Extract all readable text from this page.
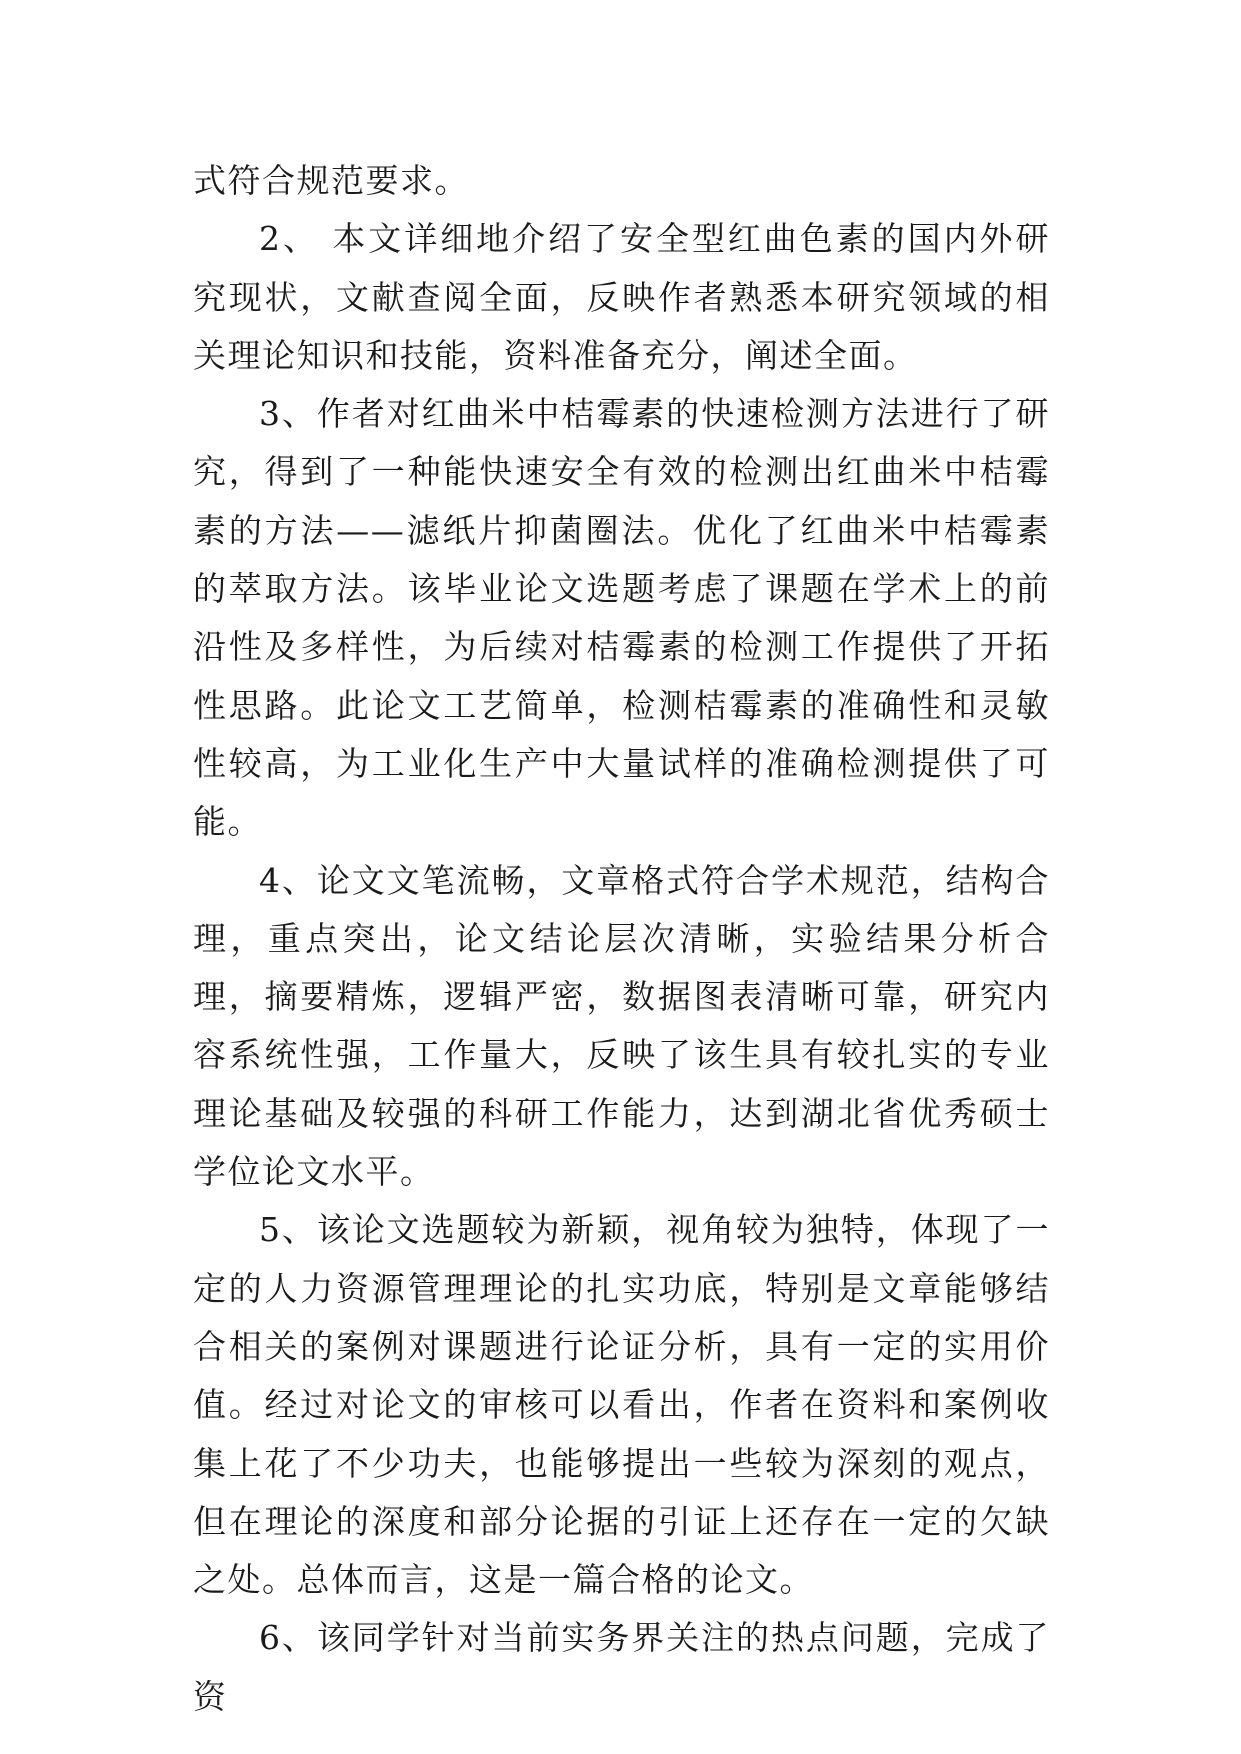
式符合规范要求。

2、 本文详细地介绍了安全型红曲色素的国内外研究现状，文献查阅全面，反映作者熟悉本研究领域的相关理论知识和技能，资料准备充分，阐述全面。

3、作者对红曲米中桔霉素的快速检测方法进行了研究，得到了一种能快速安全有效的检测出红曲米中桔霉素的方法——滤纸片抑菌圈法。优化了红曲米中桔霉素的萃取方法。该毕业论文选题考虑了课题在学术上的前沿性及多样性，为后续对桔霉素的检测工作提供了开拓性思路。此论文工艺简单，检测桔霉素的准确性和灵敏性较高，为工业化生产中大量试样的准确检测提供了可能。

4、论文文笔流畅，文章格式符合学术规范，结构合理，重点突出，论文结论层次清晰，实验结果分析合理，摘要精炼，逻辑严密，数据图表清晰可靠，研究内容系统性强，工作量大，反映了该生具有较扎实的专业理论基础及较强的科研工作能力，达到湖北省优秀硕士学位论文水平。

5、该论文选题较为新颖，视角较为独特，体现了一定的人力资源管理理论的扎实功底，特别是文章能够结合相关的案例对课题进行论证分析，具有一定的实用价值。经过对论文的审核可以看出，作者在资料和案例收集上花了不少功夫，也能够提出一些较为深刻的观点，但在理论的深度和部分论据的引证上还存在一定的欠缺之处。总体而言，这是一篇合格的论文。

6、该同学针对当前实务界关注的热点问题，完成了资
